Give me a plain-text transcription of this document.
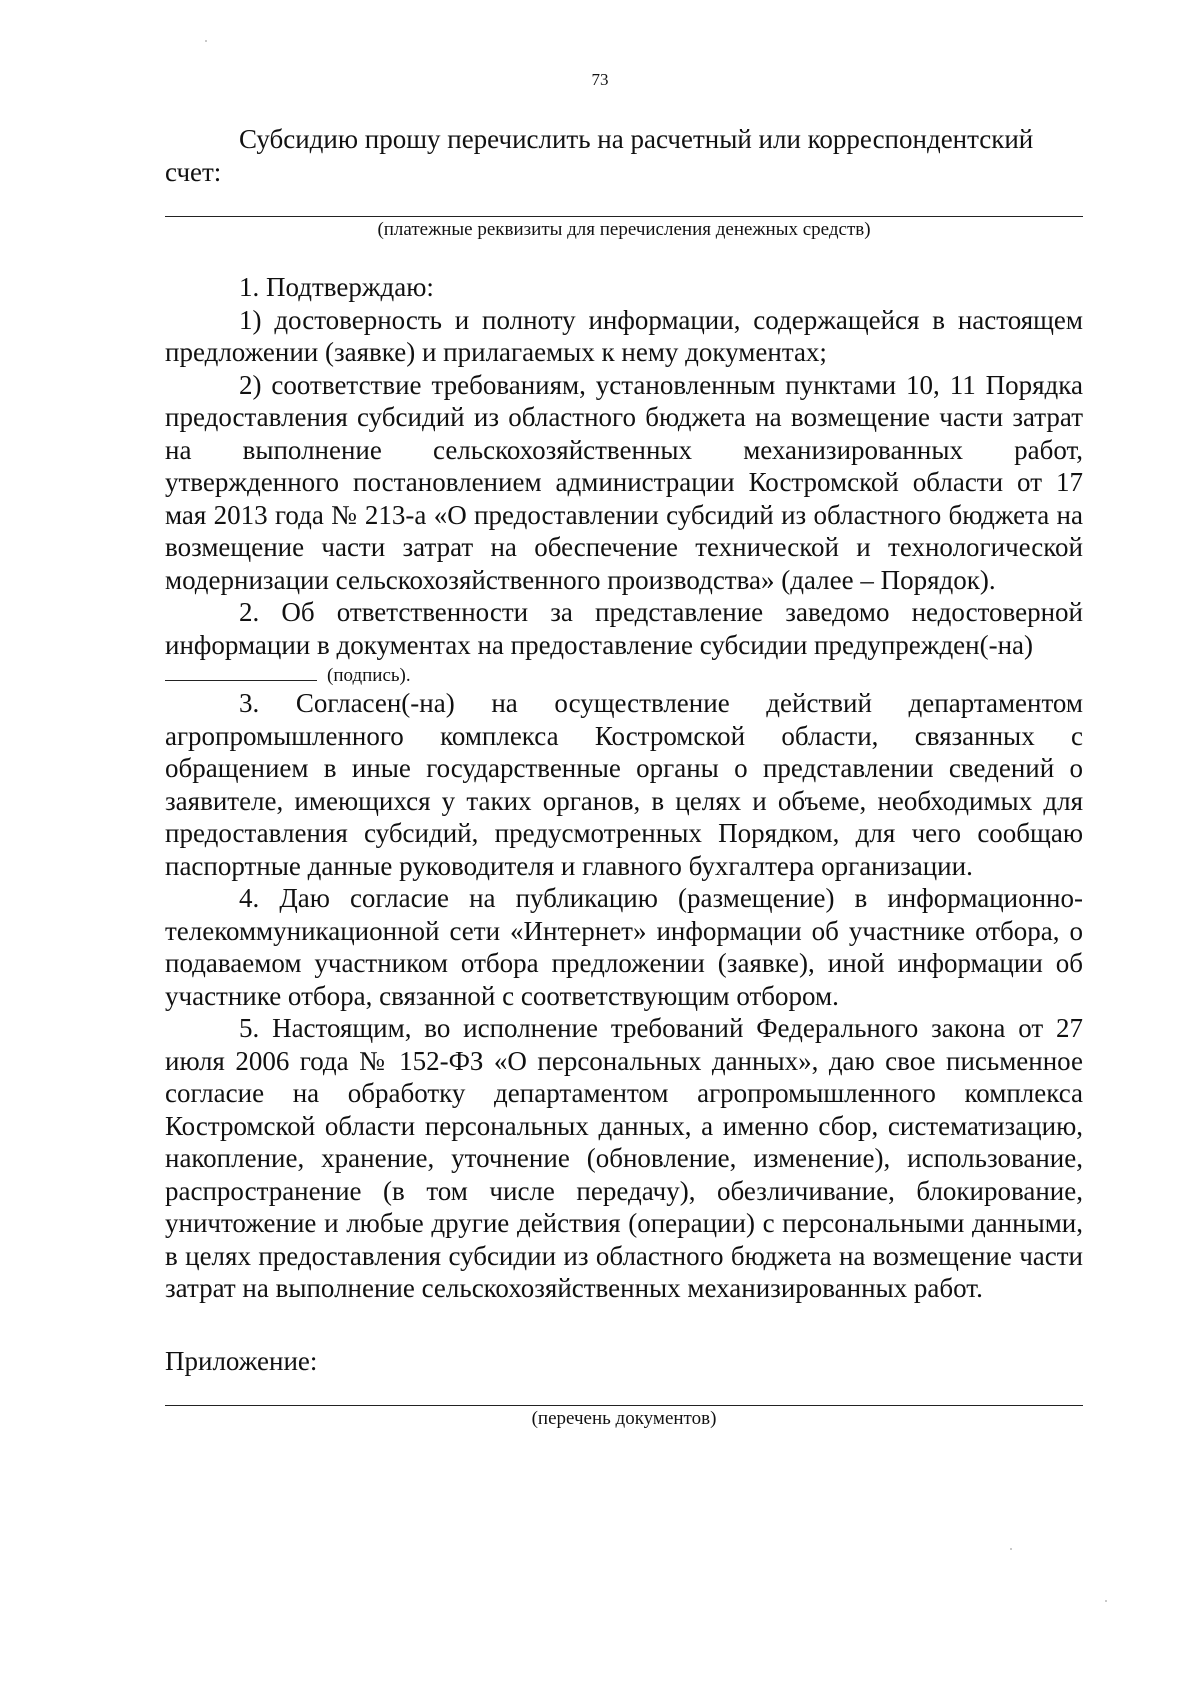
73

Субсидию прошу перечислить на расчетный или корреспондентский

счет:

(платежные реквизиты для перечисления денежных средств)

1. Подтверждаю:

1) достоверность и полноту информации, содержащейся в настоящем предложении (заявке) и прилагаемых к нему документах;

2) соответствие требованиям, установленным пунктами 10, 11 Порядка предоставления субсидий из областного бюджета на возмещение части затрат на выполнение сельскохозяйственных механизированных работ, утвержденного постановлением администрации Костромской области от 17 мая 2013 года № 213-а «О предоставлении субсидий из областного бюджета на возмещение части затрат на обеспечение технической и технологической модернизации сельскохозяйственного производства» (далее – Порядок).

2. Об ответственности за представление заведомо недостоверной информации в документах на предоставление субсидии предупрежден(-на)

(подпись).

3. Согласен(-на) на осуществление действий департаментом агропромышленного комплекса Костромской области, связанных с обращением в иные государственные органы о представлении сведений о заявителе, имеющихся у таких органов, в целях и объеме, необходимых для предоставления субсидий, предусмотренных Порядком, для чего сообщаю паспортные данные руководителя и главного бухгалтера организации.

4. Даю согласие на публикацию (размещение) в информационно-телекоммуникационной сети «Интернет» информации об участнике отбора, о подаваемом участником отбора предложении (заявке), иной информации об участнике отбора, связанной с соответствующим отбором.

5. Настоящим, во исполнение требований Федерального закона от 27 июля 2006 года № 152-ФЗ «О персональных данных», даю свое письменное согласие на обработку департаментом агропромышленного комплекса Костромской области персональных данных, а именно сбор, систематизацию, накопление, хранение, уточнение (обновление, изменение), использование, распространение (в том числе передачу), обезличивание, блокирование, уничтожение и любые другие действия (операции) с персональными данными, в целях предоставления субсидии из областного бюджета на возмещение части затрат на выполнение сельскохозяйственных механизированных работ.

Приложение:

(перечень документов)
